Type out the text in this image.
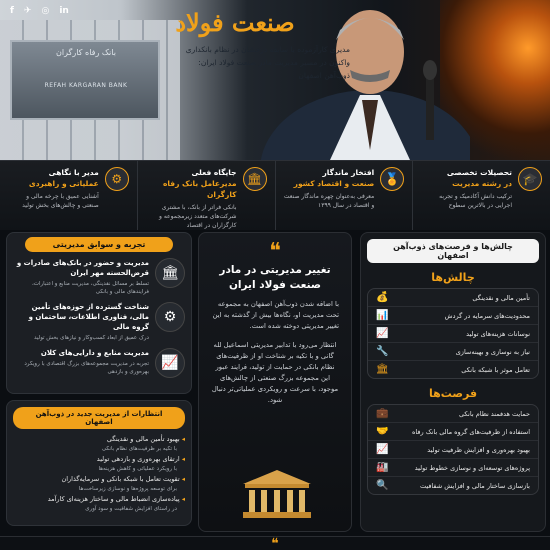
بانک رفاه کارگران
REFAH KARGARAN BANK
f ✈ ◎ in	صنعت فولاد
مدیری کارآزموده با سابقه درخشان در نظام بانکداری
واکنون در مسیر مدیریت مادر صنعت فولاد ایران:
ذوب‌آهن اصفهان
🎓
تحصیلات تخصصی
در رشته مدیریت
ترکیب دانش آکادمیک و تجربه اجرایی در بالاترین سطوح
🏅
افتخار ماندگار
صنعت و اقتصاد کشور
معرفی به‌عنوان چهره ماندگار صنعت و اقتصاد در سال ۱۳۹۹
🏛
جایگاه فعلی
مدیرعامل بانک رفاه کارگران
بانکی فراتر از بانک، با مشتری شرکت‌های متعدد زیرمجموعه و کارگزاران در اقتصاد
⚙
مدیر با نگاهی
عملیاتی و راهبردی
آشنایی عمیق با چرخه مالی و صنعتی و چالش‌های بخش تولید
تجربه و سوابق مدیریتی
🏛
مدیریت و حضور در بانک‌های صادرات و قرض‌الحسنه مهر ایران
تسلط بر مسائل نقدینگی، مدیریت منابع و اعتبارات، فرایندهای مالی و بانکی
⚙
شناخت گسترده از حوزه‌های تأمین مالی، فناوری اطلاعات، ساختمان و گروه مالی
درک عمیق از ابعاد کسب‌وکار و نیازهای بخش تولید
📈
مدیریت منابع و دارایی‌های کلان
تجربه در مدیریت مجموعه‌های بزرگ اقتصادی با رویکرد بهره‌وری و بازدهی
انتظارات از مدیریت جدید در ذوب‌آهن اصفهان
◂ بهبود تأمین مالی و نقدینگی
با تکیه بر ظرفیت‌های نظام بانکی
◂ ارتقای بهره‌وری و بازدهی تولید
با رویکرد عملیاتی و کاهش هزینه‌ها
◂ تقویت تعامل با شبکه بانکی و سرمایه‌گذاران
برای توسعه پروژه‌ها و نوسازی زیرساخت‌ها
◂ پیاده‌سازی انضباط مالی و ساختار هزینه‌ای کارآمد
در راستای افزایش شفافیت و سود آوری
❝
تغییر مدیریتی در مادر صنعت فولاد ایران
با اضافه شدن ذوب‌آهن اصفهان به مجموعه تحت مدیریت او، نگاه‌ها بیش از گذشته به این تغییر مدیریتی دوخته شده است.
انتظار می‌رود با تدابیر مدیریتی اسماعیل لله گانی و با تکیه بر شناخت او از ظرفیت‌های نظام بانکی در حمایت از تولید، فرایند عبور این مجموعه بزرگ صنعتی از چالش‌های موجود، با سرعت و رویکردی عملیاتی‌تر دنبال شود.
چالش‌ها و فرصت‌های ذوب‌آهن اصفهان
چالش‌ها
تأمین مالی و نقدینگی
💰
محدودیت‌های سرمایه در گردش
📊
نوسانات هزینه‌های تولید
📈
نیاز به نوسازی و بهینه‌سازی
🔧
تعامل موثر با شبکه بانکی
🏛
فرصت‌ها
حمایت هدفمند نظام بانکی
💼
استفاده از ظرفیت‌های گروه مالی بانک رفاه
🤝
بهبود بهره‌وری و افزایش ظرفیت تولید
📈
پروژه‌های توسعه‌ای و نوسازی خطوط تولید
🏭
بازسازی ساختار مالی و افزایش شفافیت
🔍
❝
